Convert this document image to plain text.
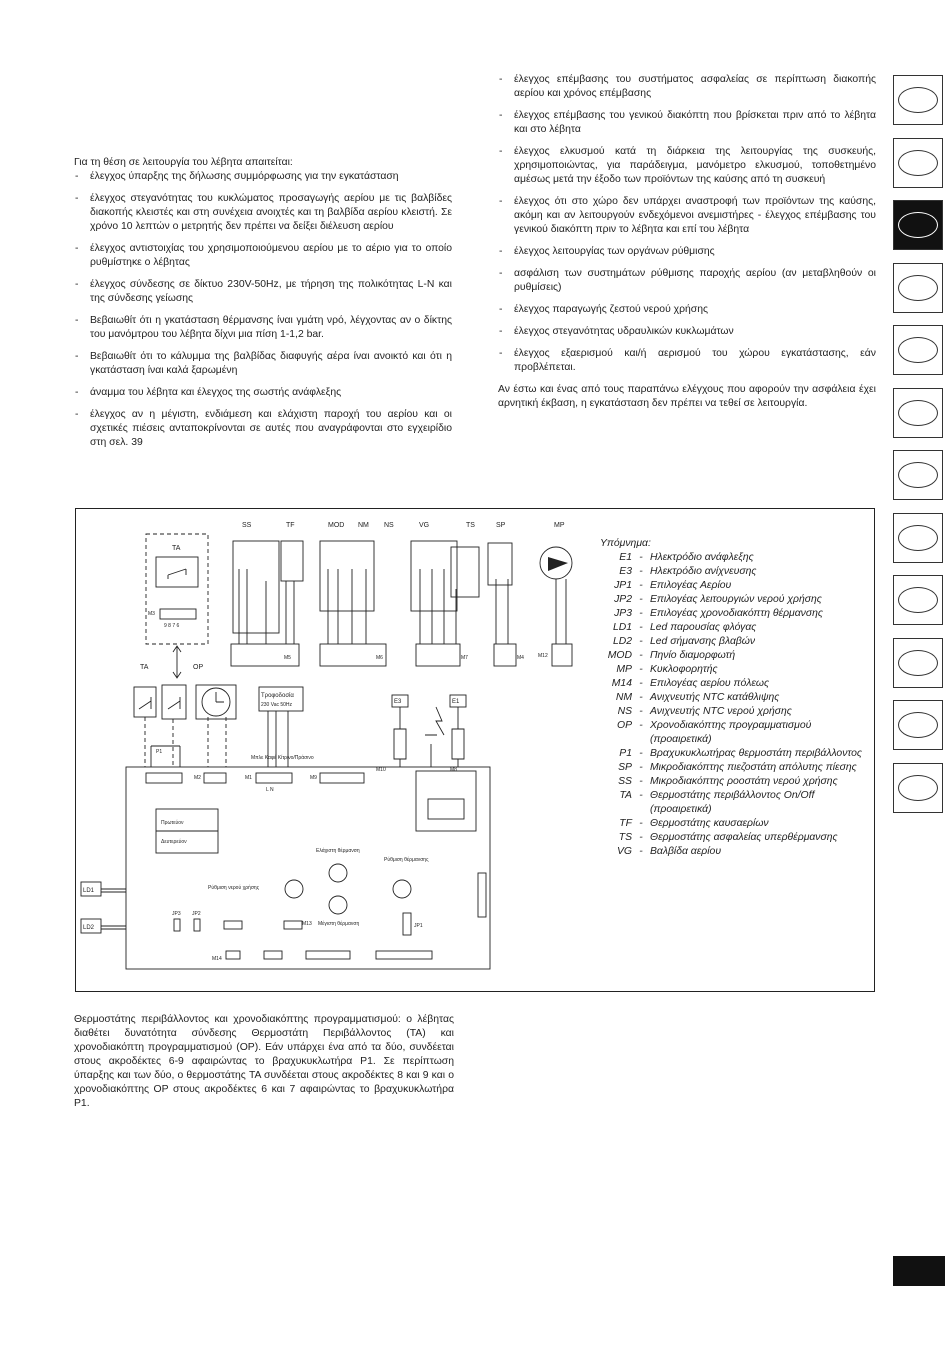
Για τη θέση σε λειτουργία του λέβητα απαιτείται:

- έλεγχος ύπαρξης της δήλωσης συμμόρφωσης για την εγκατάσταση
- έλεγχος στεγανότητας του κυκλώματος προσαγωγής αερίου με τις βαλβίδες διακοπής κλειστές και στη συνέχεια ανοιχτές και τη βαλβίδα αερίου κλειστή. Σε χρόνο 10 λεπτών ο μετρητής δεν πρέπει να δείξει διέλευση αερίου
- έλεγχος αντιστοιχίας του χρησιμοποιούμενου αερίου με το αέριο για το οποίο ρυθμίστηκε ο λέβητας
- έλεγχος σύνδεσης σε δίκτυο 230V-50Hz, με τήρηση της πολικότητας L-N και της σύνδεσης γείωσης
- Βεβαιωθίτ ότι η γκατάσταση θέρμανσης ίναι γμάτη νρό, λέγχοντας αν ο δίκτης του μανόμτρου του λέβητα δίχνι μια πίση 1-1,2 bar.
- Βεβαιωθίτ ότι το κάλυμμα της βαλβίδας διαφυγής αέρα ίναι ανοικτό και ότι η γκατάσταση ίναι καλά ξαρωμένη
- άναμμα του λέβητα και έλεγχος της σωστής ανάφλεξης
- έλεγχος αν η μέγιστη, ενδιάμεση και ελάχιστη παροχή του αερίου και οι σχετικές πιέσεις ανταποκρίνονται σε αυτές που αναγράφονται στο εγχειρίδιο στη σελ. 39
- έλεγχος επέμβασης του συστήματος ασφαλείας σε περίπτωση διακοπής αερίου και χρόνος επέμβασης
- έλεγχος επέμβασης του γενικού διακόπτη που βρίσκεται πριν από το λέβητα και στο λέβητα
- έλεγχος ελκυσμού κατά τη διάρκεια της λειτουργίας της συσκευής, χρησιμοποιώντας, για παράδειγμα, μανόμετρο ελκυσμού, τοποθετημένο αμέσως μετά την έξοδο των προϊόντων της καύσης από τη συσκευή
- έλεγχος ότι στο χώρο δεν υπάρχει αναστροφή των προϊόντων της καύσης, ακόμη και αν λειτουργούν ενδεχόμενοι ανεμιστήρες - έλεγχος επέμβασης του γενικού διακόπτη πριν το λέβητα και επί του λέβητα
- έλεγχος λειτουργίας των οργάνων ρύθμισης
- ασφάλιση των συστημάτων ρύθμισης παροχής αερίου (αν μεταβληθούν οι ρυθμίσεις)
- έλεγχος παραγωγής ζεστού νερού χρήσης
- έλεγχος στεγανότητας υδραυλικών κυκλωμάτων
- έλεγχος εξαερισμού και/ή αερισμού του χώρου εγκατάστασης, εάν προβλέπεται.

Αν έστω και ένας από τους παραπάνω ελέγχους που αφορούν την ασφάλεια έχει αρνητική έκβαση, η εγκατάσταση δεν πρέπει να τεθεί σε λειτουργία.

SS	TF	MOD NM NS	VG	TS	SP	MP
TA
TA	OP
M3
9 8 7 6
Τροφοδοσία
230 Vac 50Hz
Μπλε Καφέ Κίτρινο/Πράσινο
L N
E3	E1
LD1
LD2
Πρωτεύον
Δευτερεύον
Ελάχιστη θέρμανση
Μέγιστη θέρμανση
Ρύθμιση θέρμανσης
Ρύθμιση νερού χρήσης
JP1
JP2
JP3
M5	M6	M7	M4	M12
M13
M14
M1
M2	M9
M10	M8
P1
Υπόμνημα:
E1 - Ηλεκτρόδιο ανάφλεξης
E3 - Ηλεκτρόδιο ανίχνευσης
JP1 - Επιλογέας Αερίου
JP2 - Επιλογέας λειτουργιών νερού χρήσης
JP3 - Επιλογέας χρονοδιακόπτη θέρμανσης
LD1 - Led παρουσίας φλόγας
LD2 - Led σήμανσης βλαβών
MOD - Πηνίο διαμορφωτή
MP - Κυκλοφορητής
M14 - Επιλογέας αερίου πόλεως
NM - Ανιχνευτής NTC κατάθλιψης
NS - Ανιχνευτής NTC νερού χρήσης
OP - Χρονοδιακόπτης προγραμματισμού (προαιρετικά)
P1 - Βραχυκυκλωτήρας θερμοστάτη περιβάλλοντος
SP - Μικροδιακόπτης πιεζοστάτη απόλυτης πίεσης
SS - Μικροδιακόπτης ροοστάτη νερού χρήσης
TA - Θερμοστάτης περιβάλλοντος On/Off (προαιρετικά)
TF - Θερμοστάτης καυσαερίων
TS - Θερμοστάτης ασφαλείας υπερθέρμανσης
VG - Βαλβίδα αερίου

Θερμοστάτης περιβάλλοντος και χρονοδιακόπτης προγραμματισμού: ο λέβητας διαθέτει δυνατότητα σύνδεσης Θερμοστάτη Περιβάλλοντος (TA) και χρονοδιακόπτη προγραμματισμού (OP). Εάν υπάρχει ένα από τα δύο, συνδέεται στους ακροδέκτες 6-9 αφαιρώντας το βραχυκυκλωτήρα P1. Σε περίπτωση ύπαρξης και των δύο, ο θερμοστάτης TA συνδέεται στους ακροδέκτες 8 και 9 και ο χρονοδιακόπτης OP στους ακροδέκτες 6 και 7 αφαιρώντας το βραχυκυκλωτήρα P1.
